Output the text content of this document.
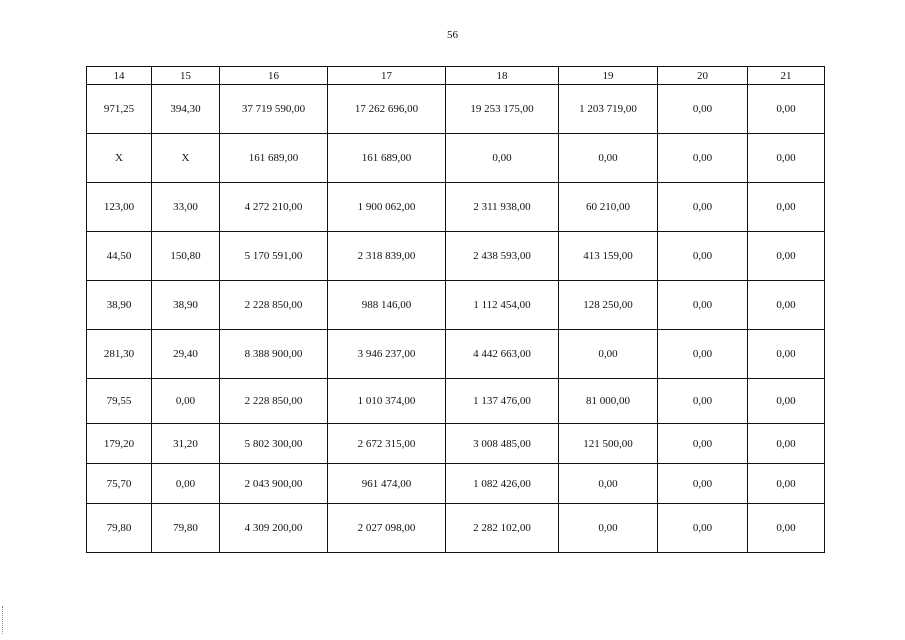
56
14	15	16	17	18	19	20	21
971,25	394,30	37 719 590,00	17 262 696,00	19 253 175,00	1 203 719,00	0,00	0,00
X	X	161 689,00	161 689,00	0,00	0,00	0,00	0,00
123,00	33,00	4 272 210,00	1 900 062,00	2 311 938,00	60 210,00	0,00	0,00
44,50	150,80	5 170 591,00	2 318 839,00	2 438 593,00	413 159,00	0,00	0,00
38,90	38,90	2 228 850,00	988 146,00	1 112 454,00	128 250,00	0,00	0,00
281,30	29,40	8 388 900,00	3 946 237,00	4 442 663,00	0,00	0,00	0,00
79,55	0,00	2 228 850,00	1 010 374,00	1 137 476,00	81 000,00	0,00	0,00
179,20	31,20	5 802 300,00	2 672 315,00	3 008 485,00	121 500,00	0,00	0,00
75,70	0,00	2 043 900,00	961 474,00	1 082 426,00	0,00	0,00	0,00
79,80	79,80	4 309 200,00	2 027 098,00	2 282 102,00	0,00	0,00	0,00
